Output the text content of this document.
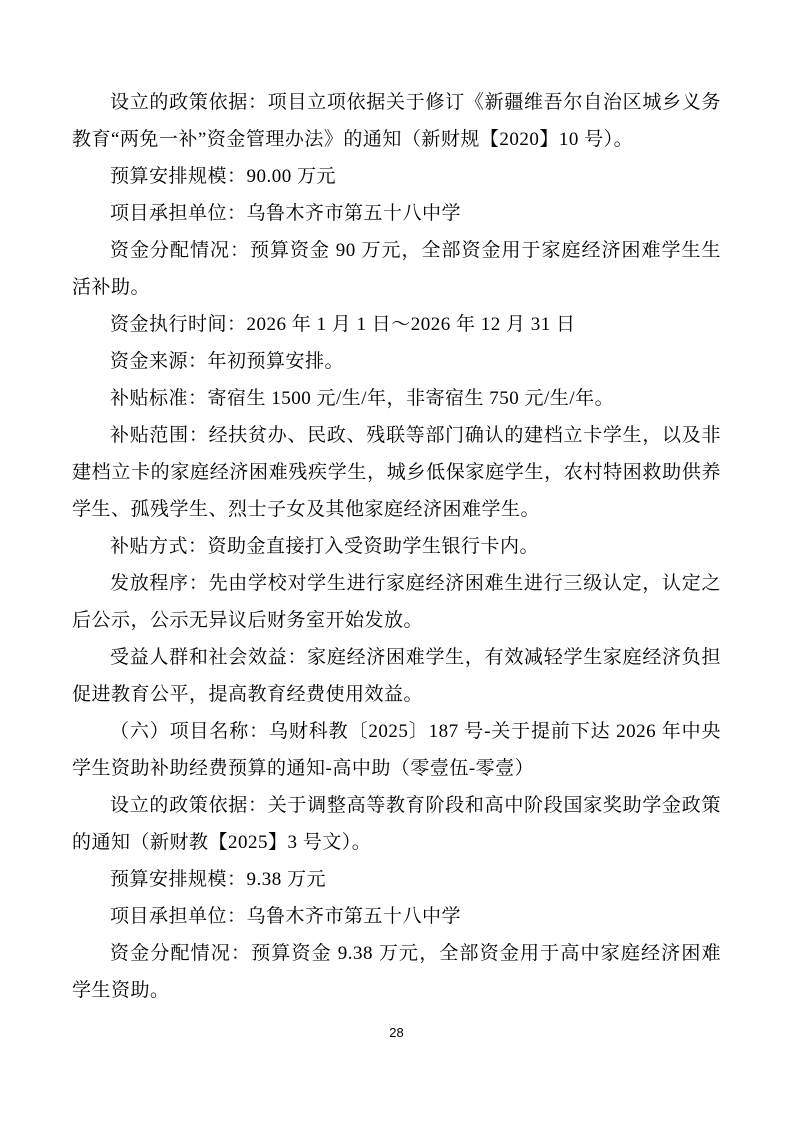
设立的政策依据：项目立项依据关于修订《新疆维吾尔自治区城乡义务教育“两免一补”资金管理办法》的通知（新财规【2020】10 号）。

预算安排规模：90.00 万元

项目承担单位：乌鲁木齐市第五十八中学

资金分配情况：预算资金 90 万元，全部资金用于家庭经济困难学生生活补助。

资金执行时间：2026 年 1 月 1 日～2026 年 12 月 31 日

资金来源：年初预算安排。

补贴标准：寄宿生 1500 元/生/年，非寄宿生 750 元/生/年。

补贴范围：经扶贫办、民政、残联等部门确认的建档立卡学生，以及非建档立卡的家庭经济困难残疾学生，城乡低保家庭学生，农村特困救助供养学生、孤残学生、烈士子女及其他家庭经济困难学生。

补贴方式：资助金直接打入受资助学生银行卡内。

发放程序：先由学校对学生进行家庭经济困难生进行三级认定，认定之后公示，公示无异议后财务室开始发放。

受益人群和社会效益：家庭经济困难学生，有效减轻学生家庭经济负担促进教育公平，提高教育经费使用效益。

（六）项目名称：乌财科教〔2025〕187 号-关于提前下达 2026 年中央学生资助补助经费预算的通知-高中助（零壹伍-零壹）

设立的政策依据：关于调整高等教育阶段和高中阶段国家奖助学金政策的通知（新财教【2025】3 号文）。

预算安排规模：9.38 万元

项目承担单位：乌鲁木齐市第五十八中学

资金分配情况：预算资金 9.38 万元，全部资金用于高中家庭经济困难学生资助。

28
